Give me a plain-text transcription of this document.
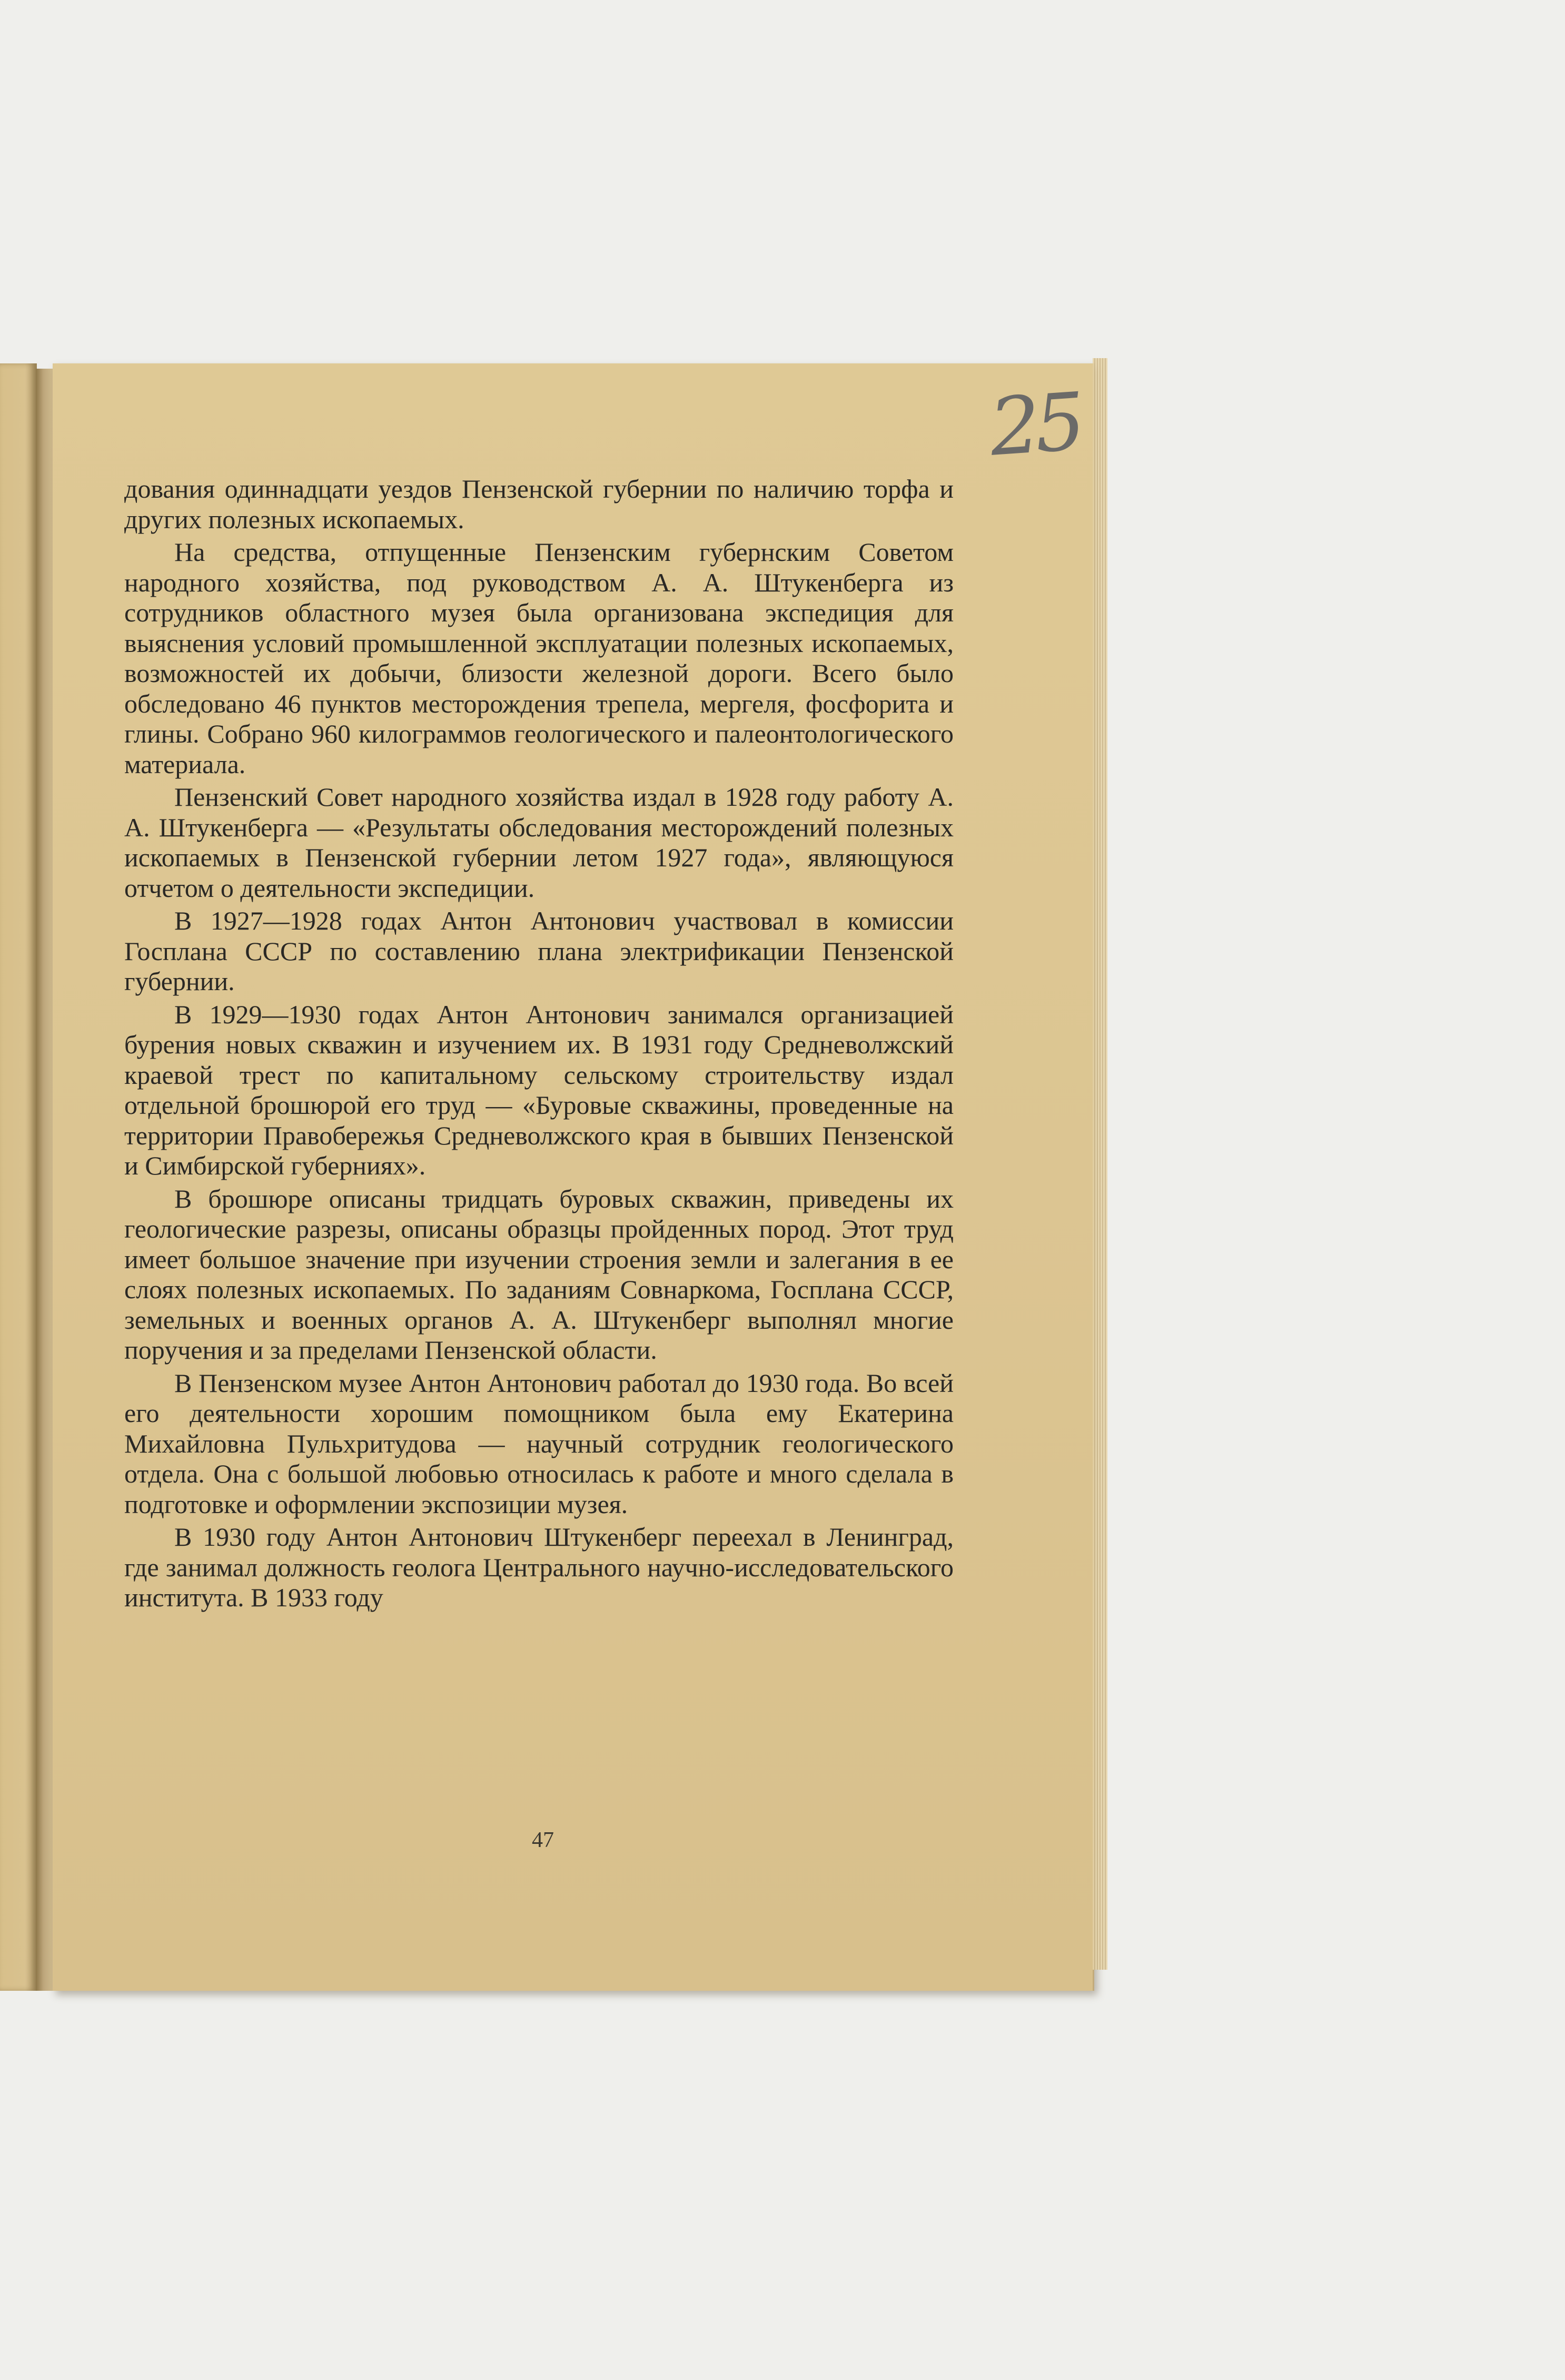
25

дования одиннадцати уездов Пензенской губернии по наличию торфа и других полезных ископаемых.

На средства, отпущенные Пензенским губернским Советом народного хозяйства, под руководством А. А. Штукенберга из сотрудников областного музея была организована экспедиция для выяснения условий промышленной эксплуатации полезных ископаемых, возможностей их добычи, близости железной дороги. Всего было обследовано 46 пунктов месторождения трепела, мергеля, фосфорита и глины. Собрано 960 килограммов геологического и палеонтологического материала.

Пензенский Совет народного хозяйства издал в 1928 году работу А. А. Штукенберга — «Результаты обследования месторождений полезных ископаемых в Пензенской губернии летом 1927 года», являющуюся отчетом о деятельности экспедиции.

В 1927—1928 годах Антон Антонович участвовал в комиссии Госплана СССР по составлению плана электрификации Пензенской губернии.

В 1929—1930 годах Антон Антонович занимался организацией бурения новых скважин и изучением их. В 1931 году Средневолжский краевой трест по капитальному сельскому строительству издал отдельной брошюрой его труд — «Буровые скважины, проведенные на территории Правобережья Средневолжского края в бывших Пензенской и Симбирской губерниях».

В брошюре описаны тридцать буровых скважин, приведены их геологические разрезы, описаны образцы пройденных пород. Этот труд имеет большое значение при изучении строения земли и залегания в ее слоях полезных ископаемых. По заданиям Совнаркома, Госплана СССР, земельных и военных органов А. А. Штукенберг выполнял многие поручения и за пределами Пензенской области.

В Пензенском музее Антон Антонович работал до 1930 года. Во всей его деятельности хорошим помощником была ему Екатерина Михайловна Пульхритудова — научный сотрудник геологического отдела. Она с большой любовью относилась к работе и много сделала в подготовке и оформлении экспозиции музея.

В 1930 году Антон Антонович Штукенберг переехал в Ленинград, где занимал должность геолога Центрального научно-исследовательского института. В 1933 году

47
